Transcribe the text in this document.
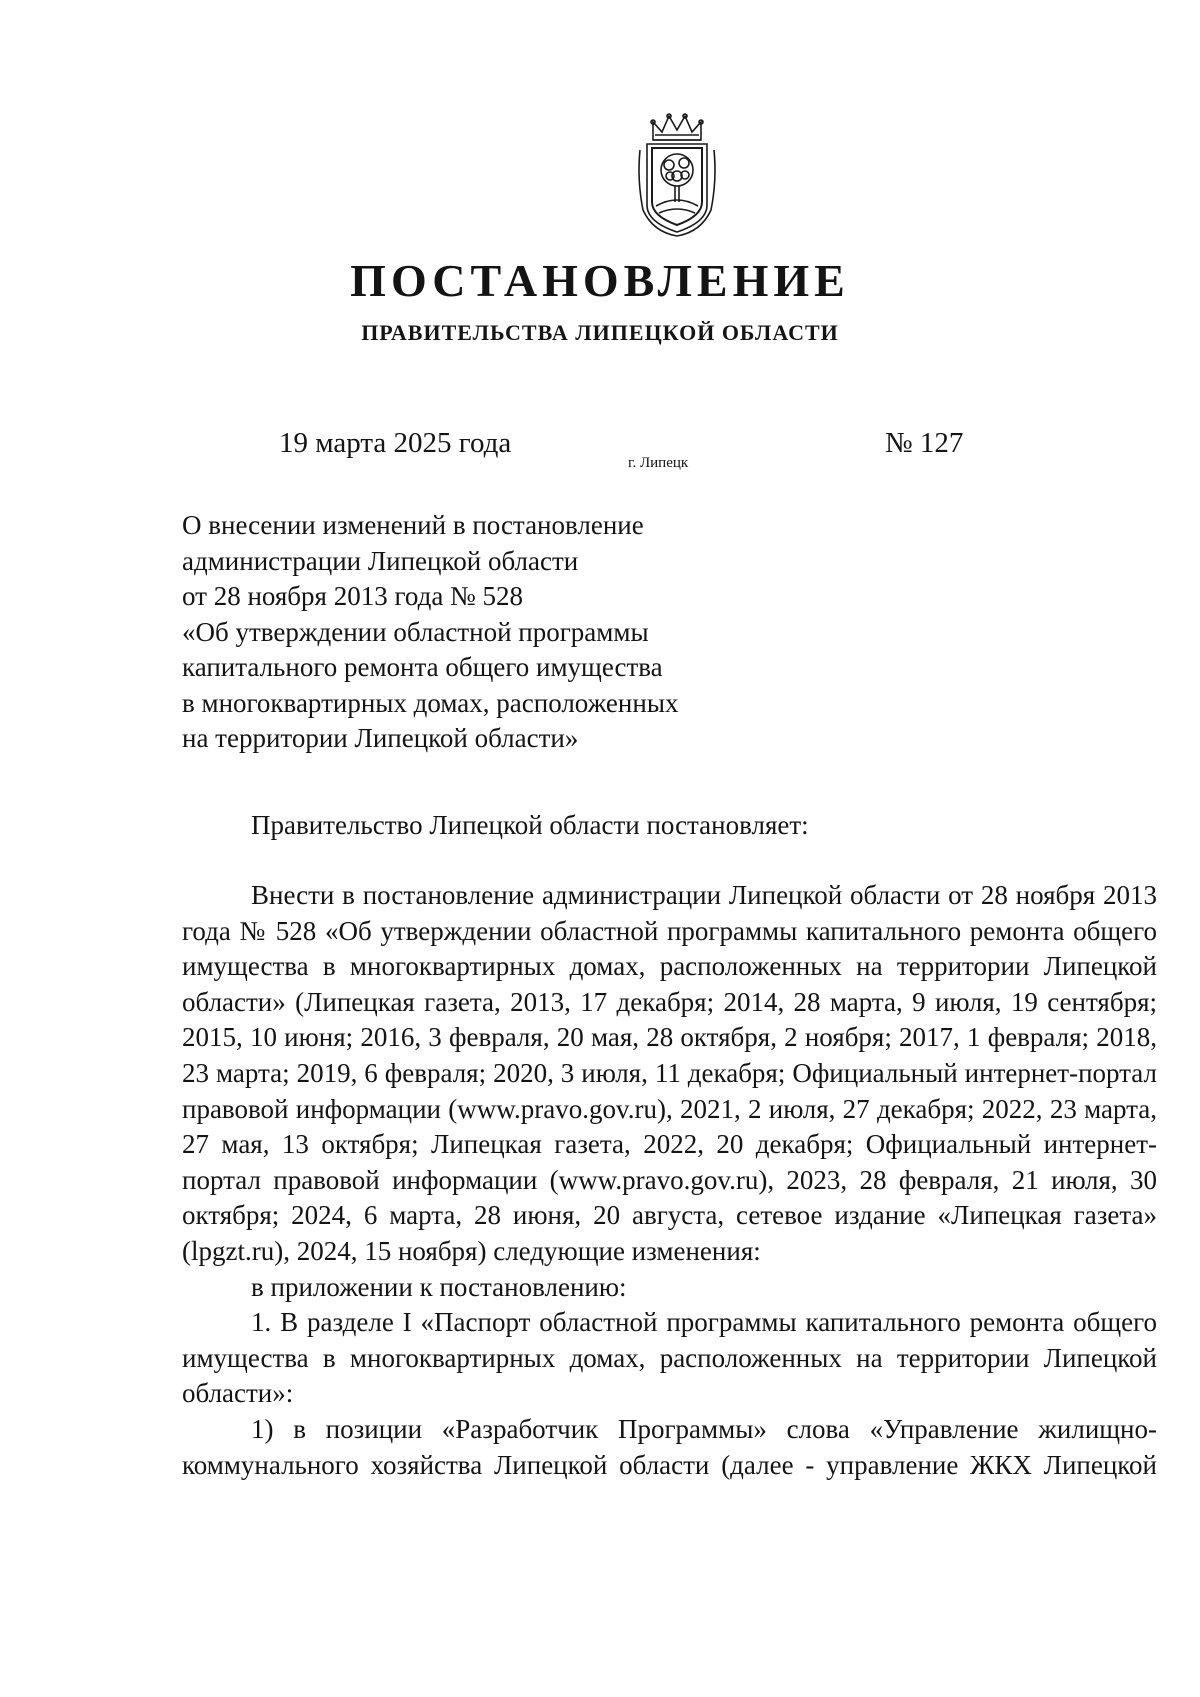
ПОСТАНОВЛЕНИЕ
ПРАВИТЕЛЬСТВА ЛИПЕЦКОЙ ОБЛАСТИ
19 марта 2025 года
г. Липецк
№ 127
О внесении изменений в постановление
администрации Липецкой области
от 28 ноября 2013 года № 528
«Об утверждении областной программы
капитального ремонта общего имущества
в многоквартирных домах, расположенных
на территории Липецкой области»
Правительство Липецкой области постановляет:

Внести в постановление администрации Липецкой области от 28 ноября 2013 года № 528 «Об утверждении областной программы капитального ремонта общего имущества в многоквартирных домах, расположенных на территории Липецкой области» (Липецкая газета, 2013, 17 декабря; 2014, 28 марта, 9 июля, 19 сентября; 2015, 10 июня; 2016, 3 февраля, 20 мая, 28 октября, 2 ноября; 2017, 1 февраля; 2018, 23 марта; 2019, 6 февраля; 2020, 3 июля, 11 декабря; Официальный интернет-портал правовой информации (www.pravo.gov.ru), 2021, 2 июля, 27 декабря; 2022, 23 марта, 27 мая, 13 октября; Липецкая газета, 2022, 20 декабря; Официальный интернет-портал правовой информации (www.pravo.gov.ru), 2023, 28 февраля, 21 июля, 30 октября; 2024, 6 марта, 28 июня, 20 августа, сетевое издание «Липецкая газета» (lpgzt.ru), 2024, 15 ноября) следующие изменения:

в приложении к постановлению:

1. В разделе I «Паспорт областной программы капитального ремонта общего имущества в многоквартирных домах, расположенных на территории Липецкой области»:

1) в позиции «Разработчик Программы» слова «Управление жилищно-коммунального хозяйства Липецкой области (далее - управление ЖКХ Липецкой
